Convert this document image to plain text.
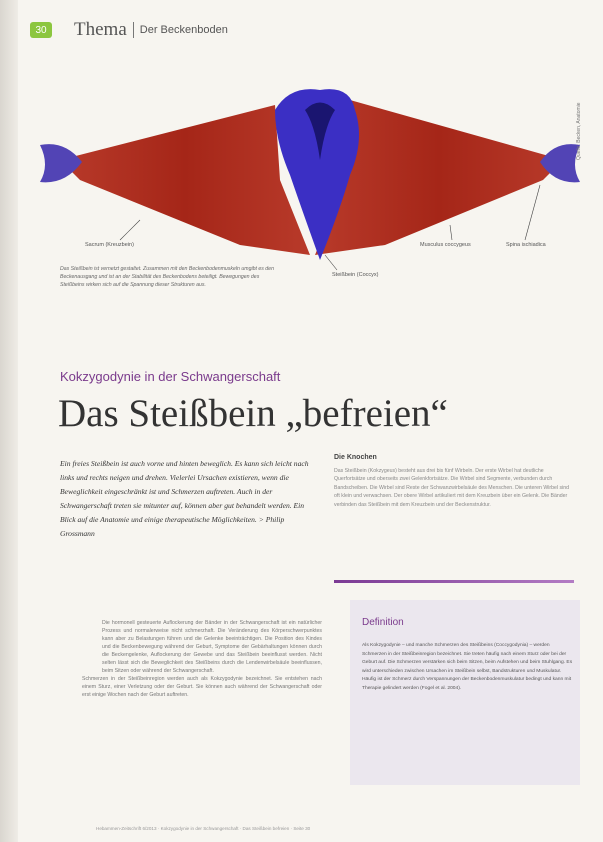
30 Thema Der Beckenboden
Sacrum (Kreuzbein)	Musculus coccygeus	Spina ischiadica
Steißbein (Coccyx)
Quelle: Becken, Anatomie
Das Steißbein ist vernetzt gestaltet. Zusammen mit den Beckenbodenmuskeln umgibt es den Beckenausgang und ist an der Stabilität des Beckenbodens beteiligt. Bewegungen des Steißbeins wirken sich auf die Spannung dieser Strukturen aus.
Kokzygodynie in der Schwangerschaft
Das Steißbein „befreien“
Ein freies Steißbein ist auch vorne und hinten beweglich. Es kann sich leicht nach links und rechts neigen und drehen. Vielerlei Ursachen existieren, wenn die Beweglichkeit eingeschränkt ist und Schmerzen auftreten. Auch in der Schwangerschaft treten sie mitunter auf, können aber gut behandelt werden. Ein Blick auf die Anatomie und einige therapeutische Möglichkeiten. > Philip Grossmann
Die Knochen
Das Steißbein (Kokzygeus) besteht aus drei bis fünf Wirbeln. Der erste Wirbel hat deutliche Querfortsätze und oberseits zwei Gelenkfortsätze. Die Wirbel sind Segmente, verbunden durch Bandscheiben. Die Wirbel sind Reste der Schwanzwirbelsäule des Menschen. Die unteren Wirbel sind oft klein und verwachsen. Der obere Wirbel artikuliert mit dem Kreuzbein über ein Gelenk. Die Bänder verbinden das Steißbein mit dem Kreuzbein und der Beckenstruktur.
Definition
Als Kokzygodynie – und manche Schmerzen des Steißbeins (Coccygodynia) – werden Schmerzen in der Steißbeinregion bezeichnet. Sie treten häufig nach einem Sturz oder bei der Geburt auf. Die Schmerzen verstärken sich beim Sitzen, beim Aufstehen und beim Stuhlgang. Es wird unterschieden zwischen Ursachen im Steißbein selbst, Bandstrukturen und Muskulatur. Häufig ist der Schmerz durch Verspannungen der Beckenbodenmuskulatur bedingt und kann mit Therapie gelindert werden (Fogel et al. 2004).

Die hormonell gesteuerte Auflockerung der Bänder in der Schwangerschaft ist ein natürlicher Prozess und normalerweise nicht schmerzhaft. Die Veränderung des Körperschwerpunktes kann aber zu Belastungen führen und die Gelenke beeinträchtigen. Die Position des Kindes und die Beckenbewegung während der Geburt, Symptome der Gebärhaltungen können durch die Beckengelenke, Auflockerung der Gewebe und das Steißbein beeinflusst werden. Nicht selten lässt sich die Beweglichkeit des Steißbeins durch die Lendenwirbelsäule beeinflussen, beim Sitzen oder während der Schwangerschaft.

Schmerzen in der Steißbeinregion werden auch als Kokzygodynie bezeichnet. Sie entstehen nach einem Sturz, einer Verletzung oder der Geburt. Sie können auch während der Schwangerschaft oder erst einige Wochen nach der Geburt auftreten.

Hebammen-Zeitschrift 6/2013 · Kokzygodynie in der Schwangerschaft · Das Steißbein befreien · Seite 30
